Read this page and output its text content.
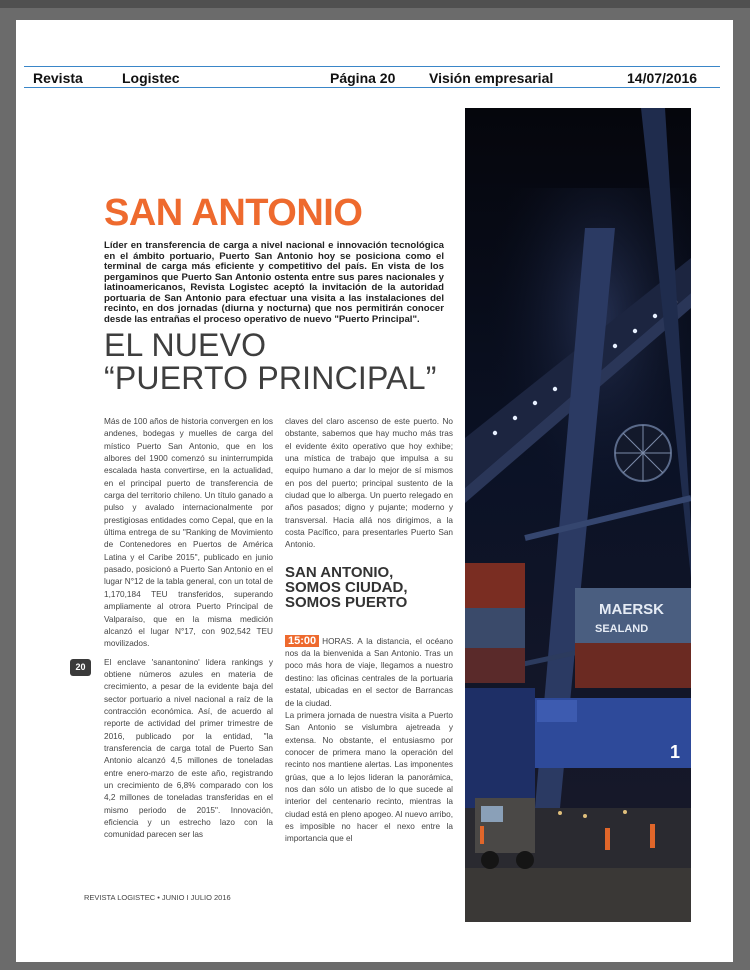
Revista	Logistec	Página 20 Visión empresarial	14/07/2016
SAN ANTONIO
Líder en transferencia de carga a nivel nacional e innovación tecnológica en el ámbito portuario, Puerto San Antonio hoy se posiciona como el terminal de carga más eficiente y competitivo del país. En vista de los pergaminos que Puerto San Antonio ostenta entre sus pares nacionales y latinoamericanos, Revista Logistec aceptó la invitación de la autoridad portuaria de San Antonio para efectuar una visita a las instalaciones del recinto, en dos jornadas (diurna y nocturna) que nos permitirán conocer desde las entrañas el proceso operativo de nuevo "Puerto Principal".
EL NUEVO
“PUERTO PRINCIPAL”

Más de 100 años de historia convergen en los andenes, bodegas y muelles de carga del místico Puerto San Antonio, que en los albores del 1900 comenzó su ininterrumpida escalada hasta convertirse, en la actualidad, en el principal puerto de transferencia de carga del territorio chileno. Un título ganado a pulso y avalado internacionalmente por prestigiosas entidades como Cepal, que en la última entrega de su "Ranking de Movimiento de Contenedores en Puertos de América Latina y el Caribe 2015", publicado en junio pasado, posicionó a Puerto San Antonio en el lugar N°12 de la tabla general, con un total de 1,170,184 TEU transferidos, superando ampliamente al otrora Puerto Principal de Valparaíso, que en la misma medición alcanzó el lugar N°17, con 902,542 TEU movilizados.

El enclave 'sanantonino' lidera rankings y obtiene números azules en materia de crecimiento, a pesar de la evidente baja del sector portuario a nivel nacional a raíz de la contracción económica. Así, de acuerdo al reporte de actividad del primer trimestre de 2016, publicado por la entidad, "la transferencia de carga total de Puerto San Antonio alcanzó 4,5 millones de toneladas entre enero-marzo de este año, registrando un crecimiento de 6,8% comparado con los 4,2 millones de toneladas transferidas en el mismo periodo de 2015". Innovación, eficiencia y un estrecho lazo con la comunidad parecen ser las

claves del claro ascenso de este puerto. No obstante, sabemos que hay mucho más tras el evidente éxito operativo que hoy exhibe; una mística de trabajo que impulsa a su equipo humano a dar lo mejor de sí mismos en pos del puerto; principal sustento de la ciudad que lo alberga. Un puerto relegado en años pasados; digno y pujante; moderno y transversal. Hacia allá nos dirigimos, a la costa Pacífico, para presentarles Puerto San Antonio.

SAN ANTONIO,
SOMOS CIUDAD,
SOMOS PUERTO

15:00 HORAS. A la distancia, el océano nos da la bienvenida a San Antonio. Tras un poco más hora de viaje, llegamos a nuestro destino: las oficinas centrales de la portuaria estatal, ubicadas en el sector de Barrancas de la ciudad.

La primera jornada de nuestra visita a Puerto San Antonio se vislumbra ajetreada y extensa. No obstante, el entusiasmo por conocer de primera mano la operación del recinto nos mantiene alertas. Las imponentes grúas, que a lo lejos lideran la panorámica, nos dan sólo un atisbo de lo que sucede al interior del centenario recinto, mientras la ciudad está en pleno apogeo. Al nuevo arribo, es imposible no hacer el nexo entre la importancia que el

20
REVISTA LOGISTEC • JUNIO I JULIO 2016
MAERSK
SEALAND
1
